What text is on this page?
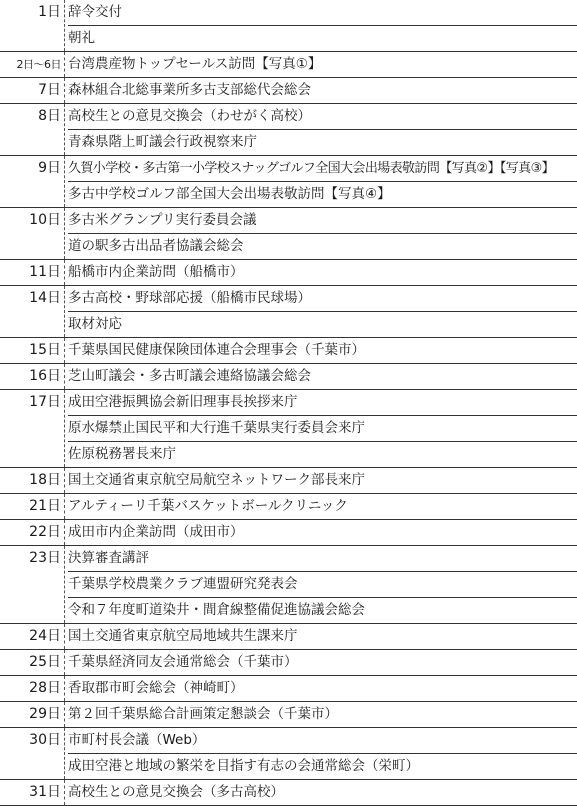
1日 辞令交付
朝礼
2日～6日 台湾農産物トップセールス訪問【写真①】
7日 森林組合北総事業所多古支部総代会総会
8日 高校生との意見交換会（わせがく高校）
青森県階上町議会行政視察来庁
9日 久賀小学校・多古第一小学校スナッグゴルフ全国大会出場表敬訪問【写真②】【写真③】
多古中学校ゴルフ部全国大会出場表敬訪問【写真④】
10日 多古米グランプリ実行委員会議
道の駅多古出品者協議会総会
11日 船橋市内企業訪問（船橋市）
14日 多古高校・野球部応援（船橋市民球場）
取材対応
15日 千葉県国民健康保険団体連合会理事会（千葉市）
16日 芝山町議会・多古町議会連絡協議会総会
17日 成田空港振興協会新旧理事長挨拶来庁
原水爆禁止国民平和大行進千葉県実行委員会来庁
佐原税務署長来庁
18日 国土交通省東京航空局航空ネットワーク部長来庁
21日 アルティーリ千葉バスケットボールクリニック
22日 成田市内企業訪問（成田市）
23日 決算審査講評
千葉県学校農業クラブ連盟研究発表会
令和７年度町道染井・間倉線整備促進協議会総会
24日 国土交通省東京航空局地域共生課来庁
25日 千葉県経済同友会通常総会（千葉市）
28日 香取郡市町会総会（神崎町）
29日 第２回千葉県総合計画策定懇談会（千葉市）
30日 市町村長会議（Web）
成田空港と地域の繁栄を目指す有志の会通常総会（栄町）
31日 高校生との意見交換会（多古高校）
